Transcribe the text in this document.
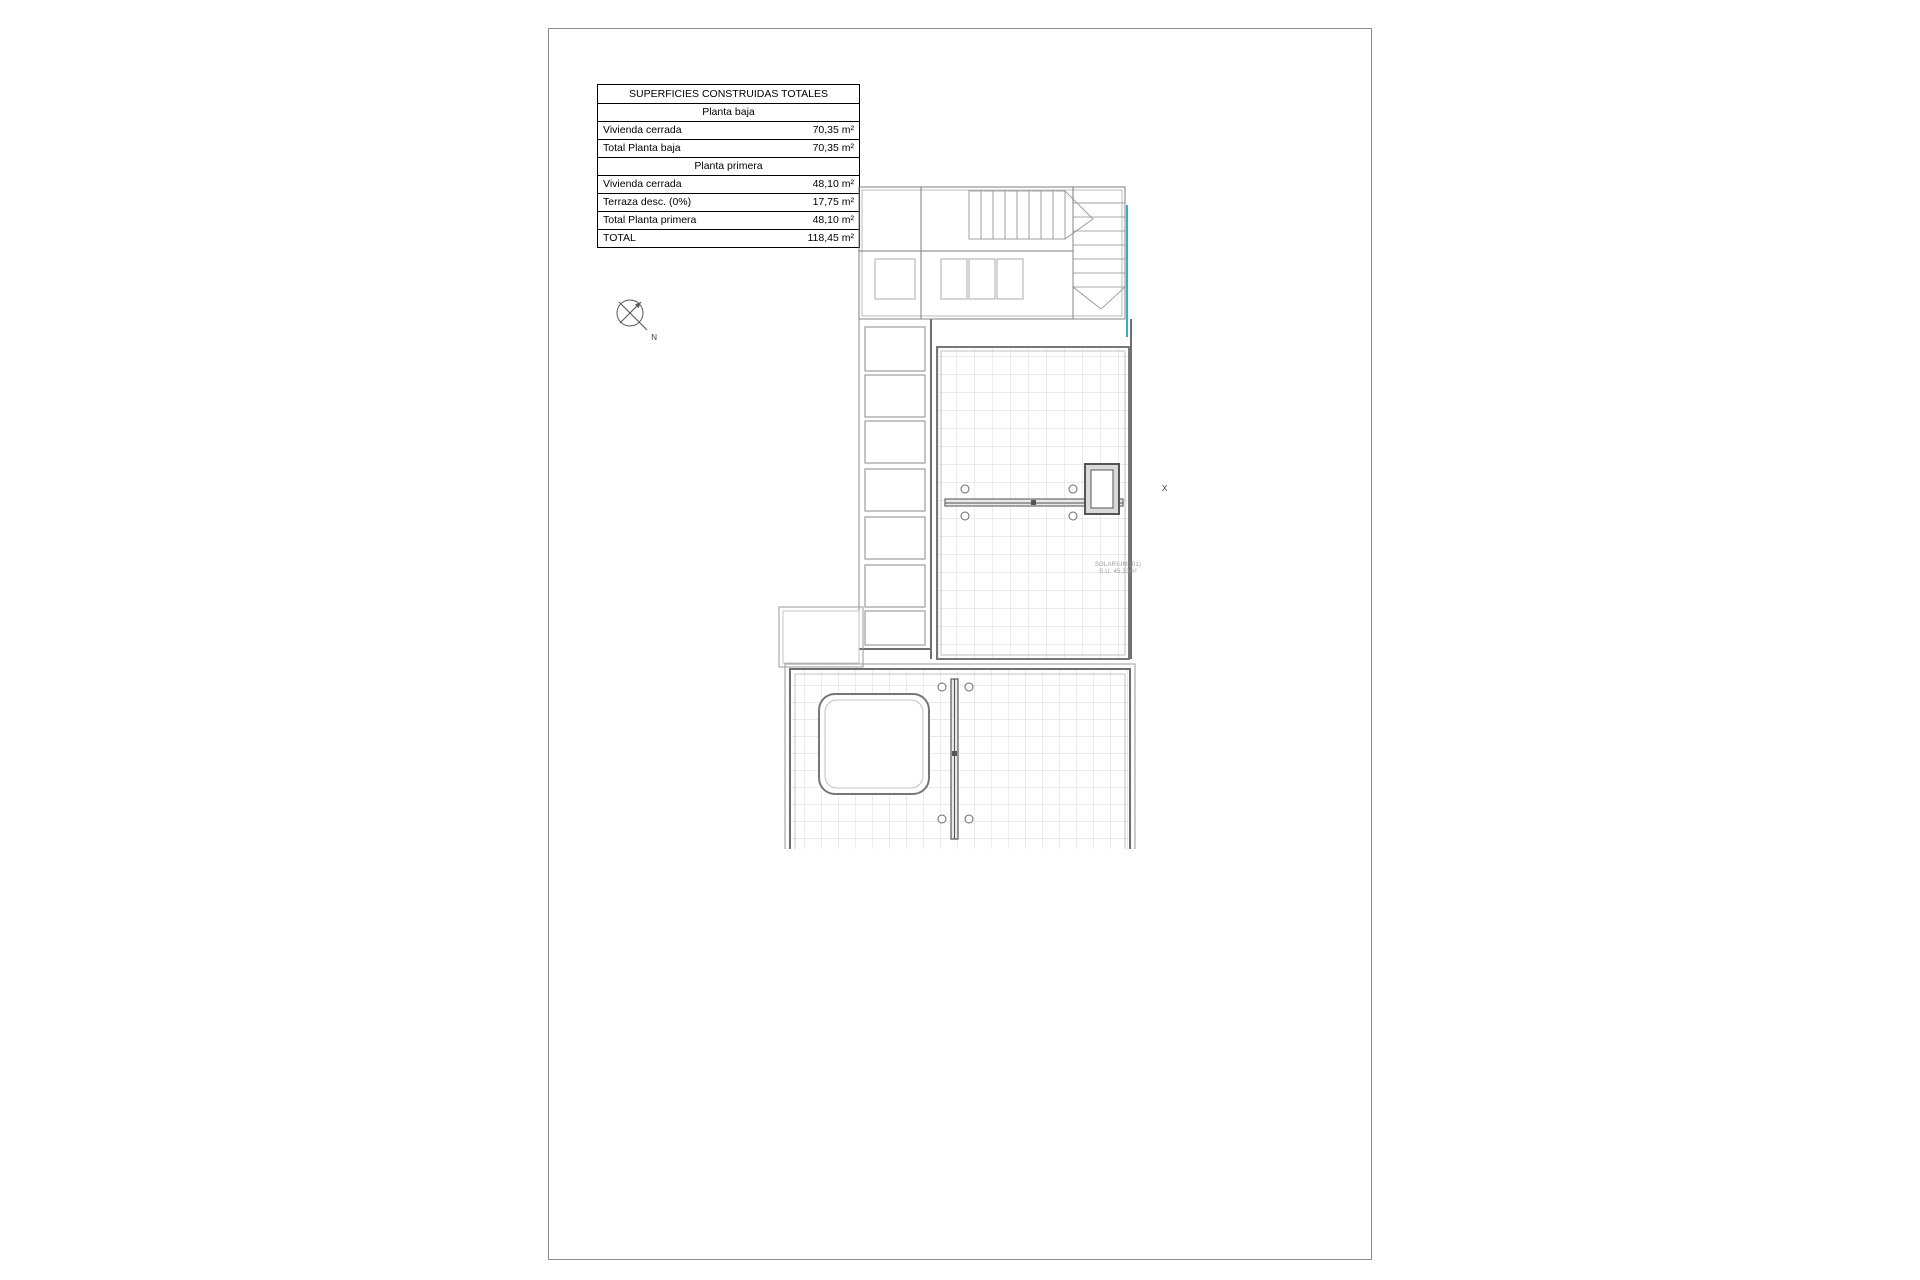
SUPERFICIES CONSTRUIDAS TOTALES	
Planta baja	
Vivienda cerrada	70,35 m²
Total Planta baja	70,35 m²
Planta primera	
Vivienda cerrada	48,10 m²
Terraza desc. (0%)	17,75 m²
Total Planta primera	48,10 m²
TOTAL	118,45 m²
N
SOLARIUM (01)
S.U. 45,33m²
X
